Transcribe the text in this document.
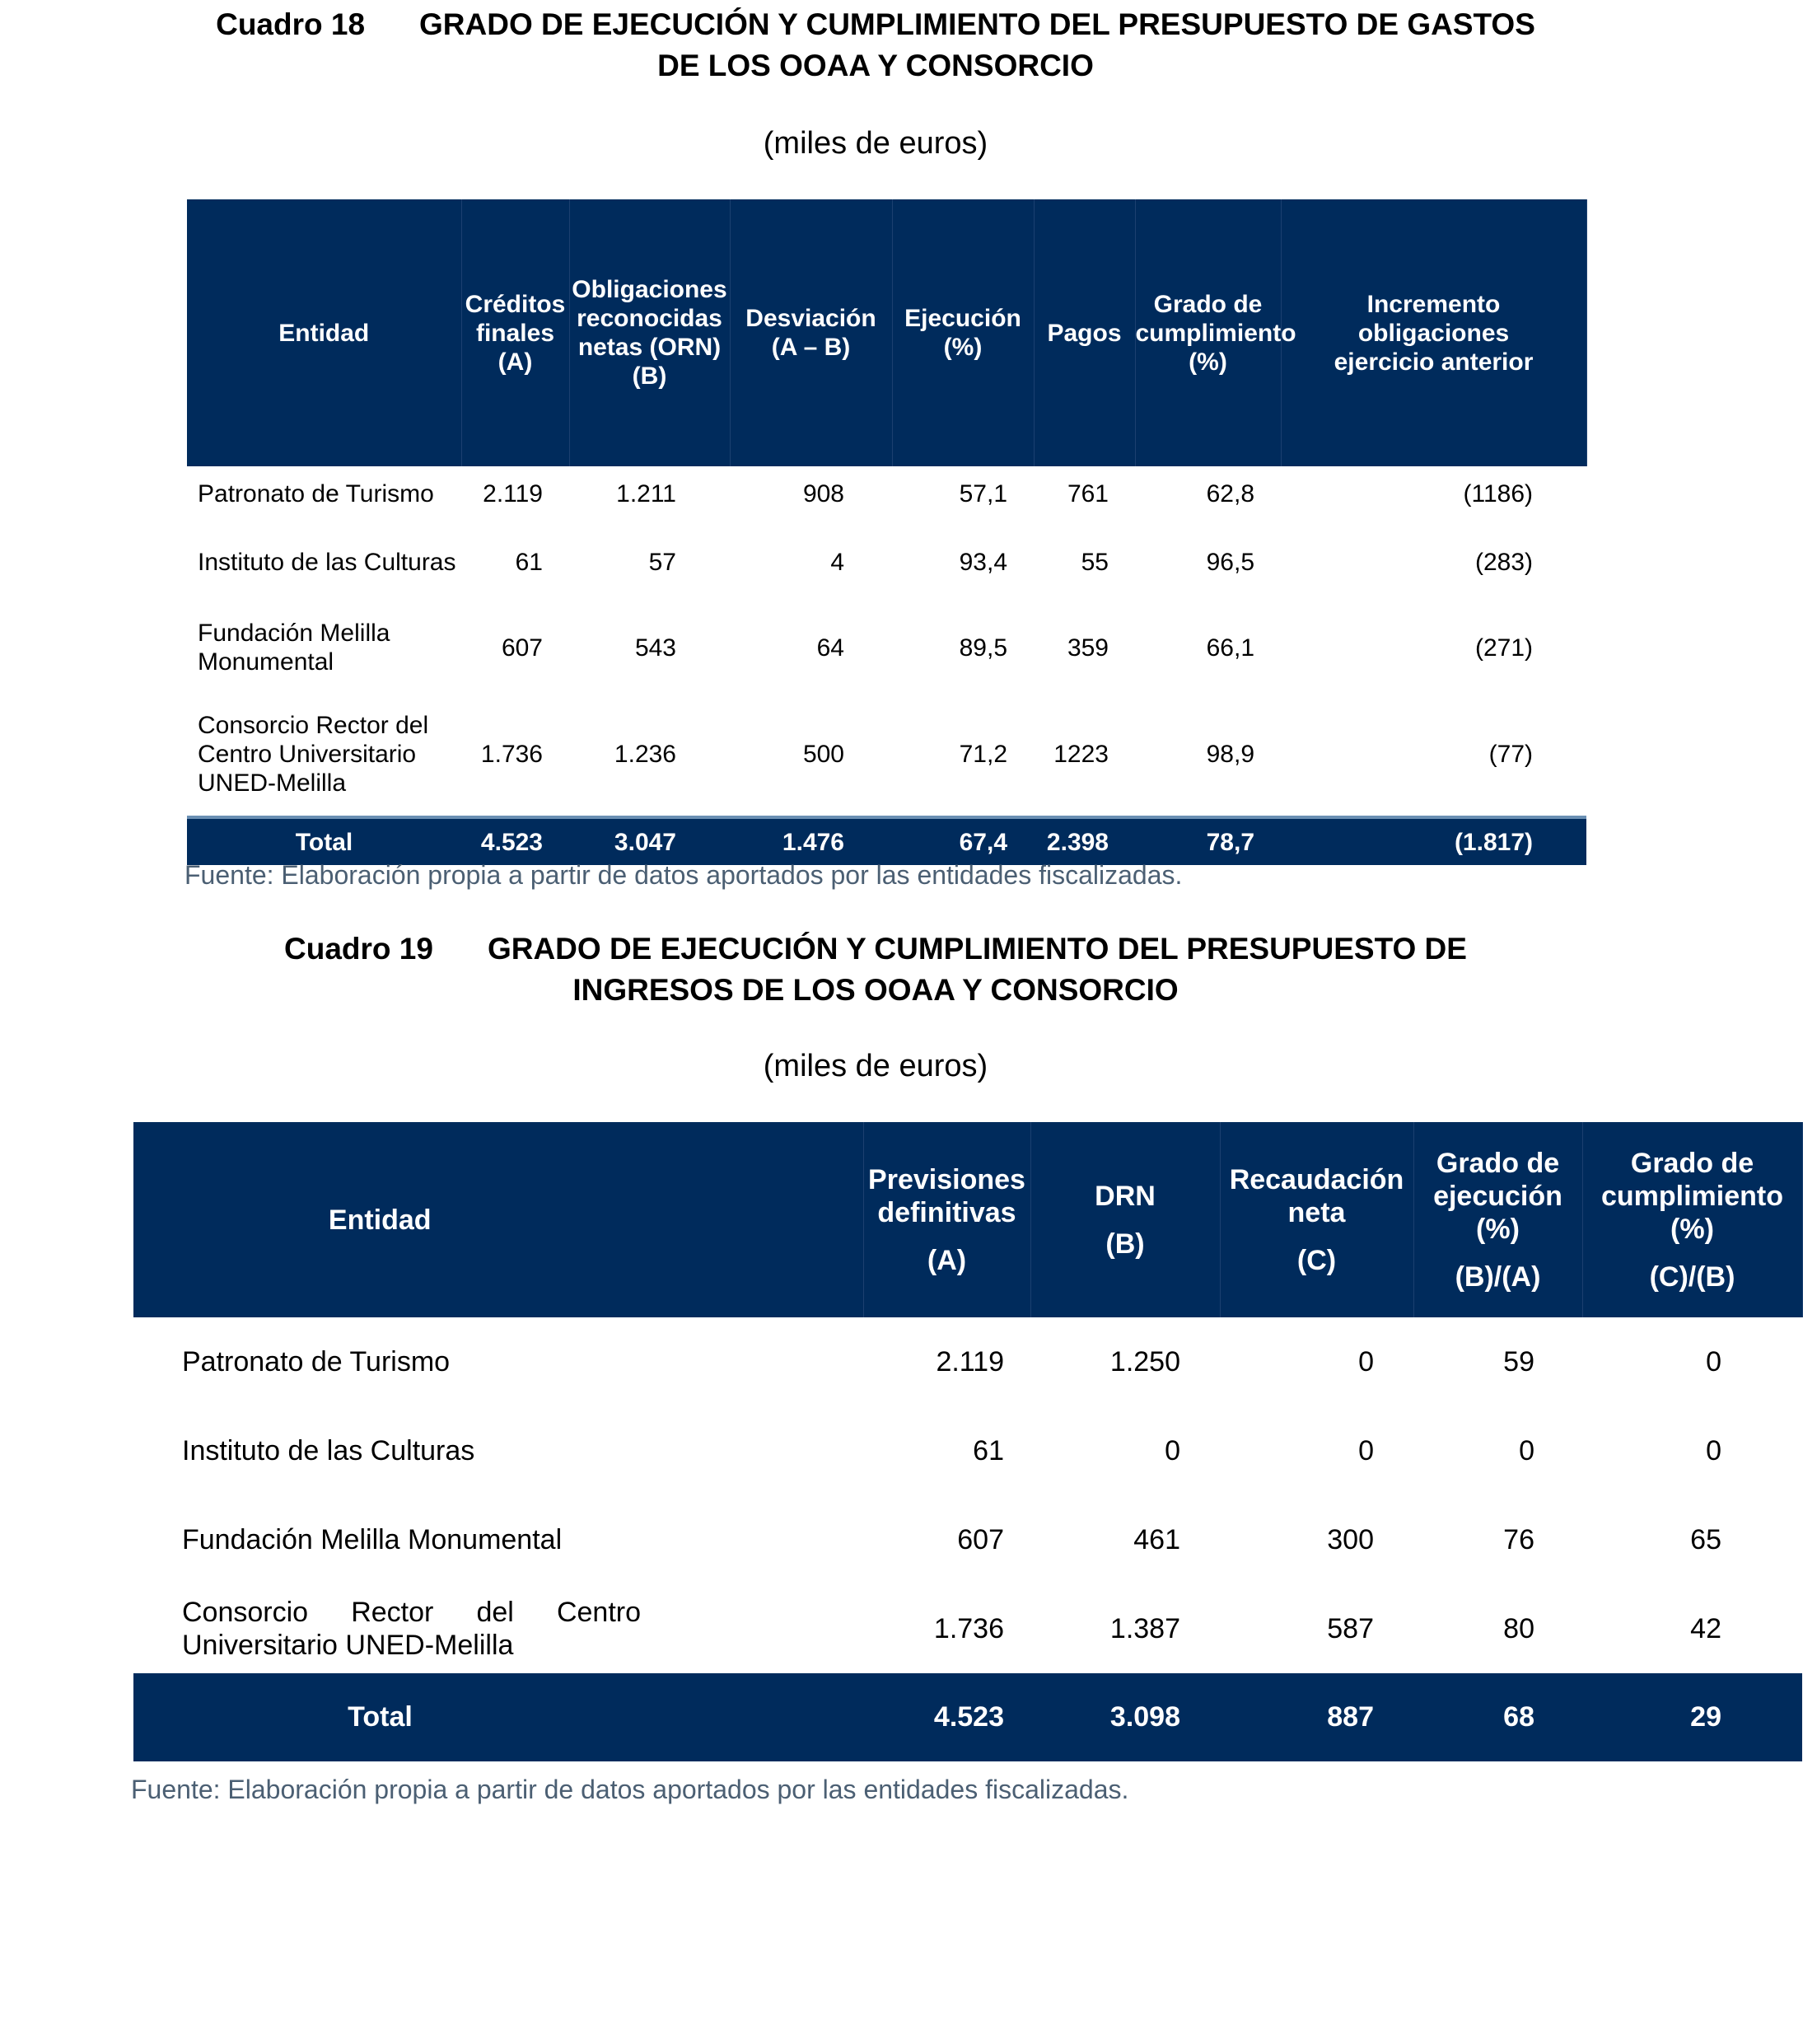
Cuadro 18 GRADO DE EJECUCIÓN Y CUMPLIMIENTO DEL PRESUPUESTO DE GASTOS
DE LOS OOAA Y CONSORCIO
(miles de euros)
Entidad	Créditos
finales
(A)	Obligaciones
reconocidas
netas (ORN)
(B)	Desviación
(A – B)	Ejecución
(%)	Pagos	Grado de
cumplimiento
(%)	Incremento
obligaciones
ejercicio anterior
Patronato de Turismo	2.119	1.211	908	57,1	761	62,8	(1186)
Instituto de las Culturas	61	57	4	93,4	55	96,5	(283)
Fundación Melilla Monumental	607	543	64	89,5	359	66,1	(271)
Consorcio Rector del Centro Universitario UNED-Melilla	1.736	1.236	500	71,2	1223	98,9	(77)
Total	4.523	3.047	1.476	67,4	2.398	78,7	(1.817)
Fuente: Elaboración propia a partir de datos aportados por las entidades fiscalizadas.
Cuadro 19 GRADO DE EJECUCIÓN Y CUMPLIMIENTO DEL PRESUPUESTO DE
INGRESOS DE LOS OOAA Y CONSORCIO
(miles de euros)
Entidad	Previsiones
definitivas
(A)	DRN
(B)	Recaudación
neta
(C)	Grado de
ejecución
(%)
(B)/(A)	Grado de
cumplimiento
(%)
(C)/(B)
Patronato de Turismo	2.119	1.250	0	59	0
Instituto de las Culturas	61	0	0	0	0
Fundación Melilla Monumental	607	461	300	76	65
Consorcio Rector del Centro Universitario UNED-Melilla	1.736	1.387	587	80	42
Total	4.523	3.098	887	68	29
Fuente: Elaboración propia a partir de datos aportados por las entidades fiscalizadas.
